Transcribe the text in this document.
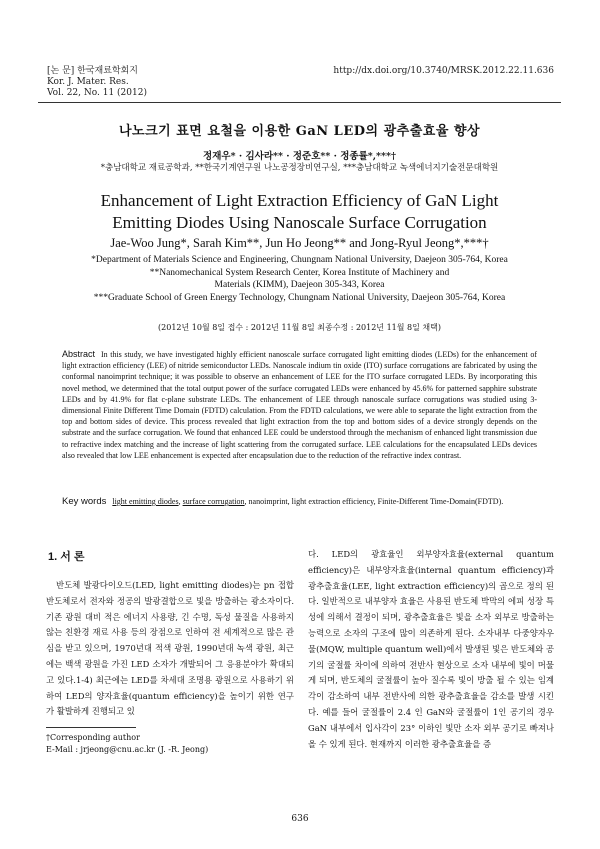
[논 문] 한국재료학회지
Kor. J. Mater. Res.
Vol. 22, No. 11 (2012)
http://dx.doi.org/10.3740/MRSK.2012.22.11.636
나노크기 표면 요철을 이용한 GaN LED의 광추출효율 향상
정재우* · 김사라** · 정준호** · 정종률*,***†
*충남대학교 재료공학과, **한국기계연구원 나노공정장비연구실, ***충남대학교 녹색에너지기술전문대학원
Enhancement of Light Extraction Efficiency of GaN Light
Emitting Diodes Using Nanoscale Surface Corrugation
Jae-Woo Jung*, Sarah Kim**, Jun Ho Jeong** and Jong-Ryul Jeong*,***†
*Department of Materials Science and Engineering, Chungnam National University, Daejeon 305-764, Korea
**Nanomechanical System Research Center, Korea Institute of Machinery and
Materials (KIMM), Daejeon 305-343, Korea
***Graduate School of Green Energy Technology, Chungnam National University, Daejeon 305-764, Korea
(2012년 10월 8일 접수 : 2012년 11월 8일 최종수정 : 2012년 11월 8일 채택)
Abstract In this study, we have investigated highly efficient nanoscale surface corrugated light emitting diodes (LEDs) for the enhancement of light extraction efficiency (LEE) of nitride semiconductor LEDs. Nanoscale indium tin oxide (ITO) surface corrugations are fabricated by using the conformal nanoimprint technique; it was possible to observe an enhancement of LEE for the ITO surface corrugated LEDs. By incorporating this novel method, we determined that the total output power of the surface corrugated LEDs were enhanced by 45.6% for patterned sapphire substrate LEDs and by 41.9% for flat c-plane substrate LEDs. The enhancement of LEE through nanoscale surface corrugations was studied using 3-dimensional Finite Different Time Domain (FDTD) calculation. From the FDTD calculations, we were able to separate the light extraction from the top and bottom sides of device. This process revealed that light extraction from the top and bottom sides of a device strongly depends on the substrate and the surface corrugation. We found that enhanced LEE could be understood through the mechanism of enhanced light transmission due to refractive index matching and the increase of light scattering from the corrugated surface. LEE calculations for the encapsulated LEDs devices also revealed that low LEE enhancement is expected after encapsulation due to the reduction of the refractive index contrast.
Key words light emitting diodes, surface corrugation, nanoimprint, light extraction efficiency, Finite-Different Time-Domain(FDTD).
1. 서 론
반도체 발광다이오드(LED, light emitting diodes)는 pn 접합 반도체로서 전자와 정공의 발광결합으로 빛을 방출하는 광소자이다. 기존 광원 대비 적은 에너지 사용량, 긴 수명, 독성 물질을 사용하지 않는 친환경 재료 사용 등의 장점으로 인하여 전 세계적으로 많은 관심을 받고 있으며, 1970년대 적색 광원, 1990년대 녹색 광원, 최근에는 백색 광원을 가진 LED 소자가 개발되어 그 응용분야가 확대되고 있다.1-4) 최근에는 LED를 차세대 조명용 광원으로 사용하기 위하여 LED의 양자효율(quantum efficiency)을 높이기 위한 연구가 활발하게 진행되고 있
다. LED의 광효율인 외부양자효율(external quantum efficiency)은 내부양자효율(internal quantum efficiency)과 광추출효율(LEE, light extraction efficiency)의 곱으로 정의 된다. 일반적으로 내부양자 효율은 사용된 반도체 박막의 에피 성장 특성에 의해서 결정이 되며, 광추출효율은 빛을 소자 외부로 방출하는 능력으로 소자의 구조에 많이 의존하게 된다. 소자내부 다중양자우물(MQW, multiple quantum well)에서 발생된 빛은 반도체와 공기의 굴절률 차이에 의하여 전반사 현상으로 소자 내부에 빛이 머물게 되며, 반도체의 굴절률이 높아 질수록 빛이 방출 될 수 있는 임계각이 감소하여 내부 전반사에 의한 광추출효율을 감소를 발생 시킨다. 예를 들어 굴절률이 2.4 인 GaN와 굴절률이 1인 공기의 경우 GaN 내부에서 입사각이 23° 이하인 빛만 소자 외부 공기로 빠져나올 수 있게 된다. 현재까지 이러한 광추출효율을 증
†Corresponding author
E-Mail : jrjeong@cnu.ac.kr (J. -R. Jeong)
636
